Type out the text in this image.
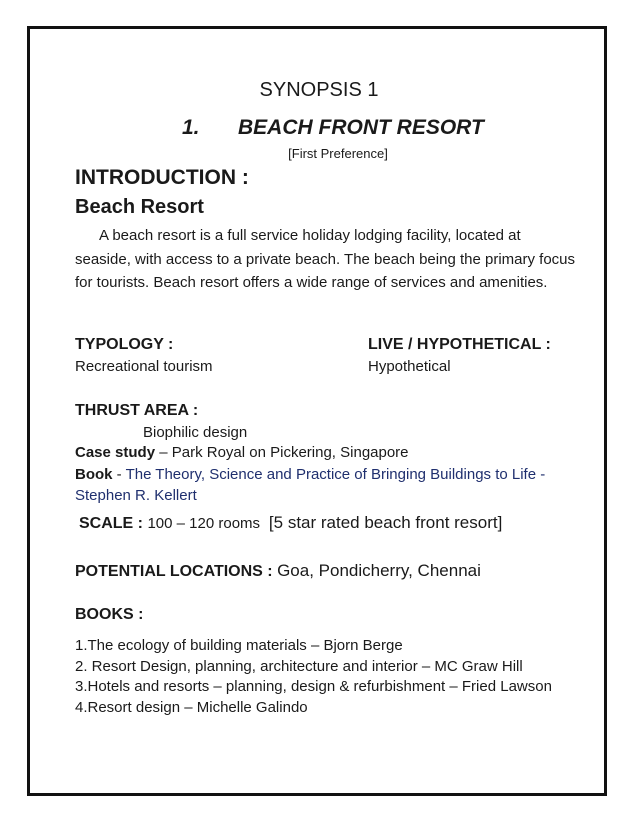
SYNOPSIS 1
1. BEACH FRONT RESORT
[First Preference]
INTRODUCTION :
Beach Resort
A beach resort is a full service holiday lodging facility, located at seaside, with access to a private beach. The beach being the primary focus for tourists. Beach resort offers a wide range of services and amenities.
TYPOLOGY :
Recreational tourism
LIVE / HYPOTHETICAL :
Hypothetical
THRUST AREA :
Biophilic design
Case study – Park Royal on Pickering, Singapore
Book - The Theory, Science and Practice of Bringing Buildings to Life - Stephen R. Kellert
SCALE : 100 – 120 rooms [5 star rated beach front resort]
POTENTIAL LOCATIONS : Goa, Pondicherry, Chennai
BOOKS :
1.The ecology of building materials – Bjorn Berge
2. Resort Design, planning, architecture and interior – MC Graw Hill
3.Hotels and resorts – planning, design & refurbishment – Fried Lawson
4.Resort design – Michelle Galindo
